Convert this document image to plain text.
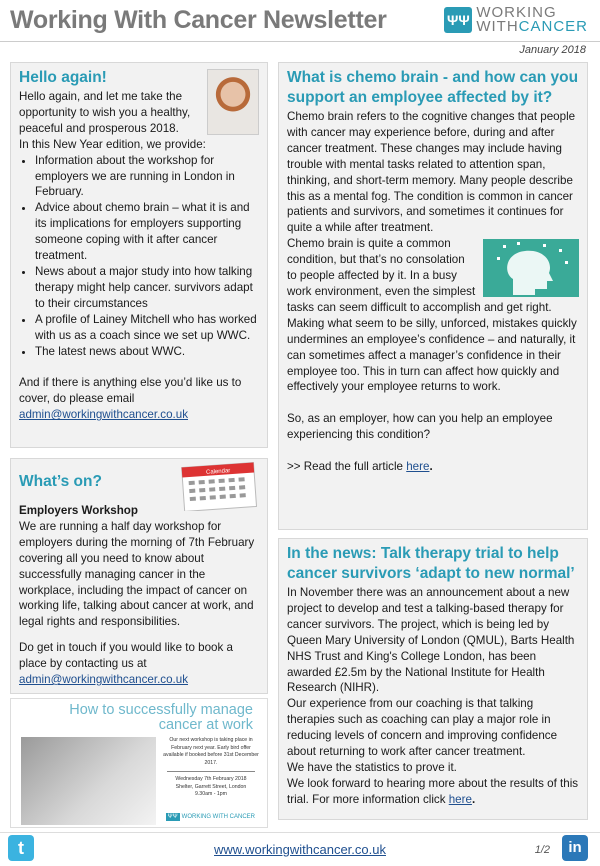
Working With Cancer Newsletter	ΨΨ WORKING
WITHCANCER
January 2018
Hello again!

Hello again, and let me take the opportunity to wish you a healthy, peaceful and prosperous 2018.

In this New Year edition, we provide:

• Information about the workshop for employers we are running in London in February.
• Advice about chemo brain – what it is and its implications for employers supporting someone coping with it after cancer treatment.
• News about a major study into how talking therapy might help cancer. survivors adapt to their circumstances
• A profile of Lainey Mitchell who has worked with us as a coach since we set up WWC.
• The latest news about WWC.

And if there is anything else you’d like us to cover, do please email

admin@workingwithcancer.co.uk
Calendar
What’s on?

Employers Workshop

We are running a half day workshop for employers during the morning of 7th February covering all you need to know about successfully managing cancer in the workplace, including the impact of cancer on working life, talking about cancer at work, and legal rights and responsibilities.

Do get in touch if you would like to book a place by contacting us at

admin@workingwithcancer.co.uk
How to successfully manage cancer at work

Our next workshop is taking place in February next year. Early bird offer available if booked before 31st December 2017.

Wednesday 7th February 2018

Shelter, Garrett Street, London

9.30am - 1pm

ΨΨ WORKING WITH CANCER
What is chemo brain - and how can you support an employee affected by it?

Chemo brain refers to the cognitive changes that people with cancer may experience before, during and after cancer treatment. These changes may include having trouble with mental tasks related to attention span, thinking, and short-term memory. Many people describe this as a mental fog. The condition is common in cancer patients and survivors, and sometimes it continues for quite a while after treatment.

Chemo brain is quite a common condition, but that’s no consolation to people affected by it. In a busy work environment, even the simplest tasks can seem difficult to accomplish and get right. Making what seem to be silly, unforced, mistakes quickly undermines an employee’s confidence – and naturally, it can sometimes affect a manager’s confidence in their employee too. This in turn can affect how quickly and effectively your employee returns to work.

So, as an employer, how can you help an employee experiencing this condition?

>> Read the full article here.

In the news: Talk therapy trial to help cancer survivors ‘adapt to new normal’

In November there was an announcement about a new project to develop and test a talking-based therapy for cancer survivors. The project, which is being led by Queen Mary University of London (QMUL), Barts Health NHS Trust and King's College London, has been awarded £2.5m by the National Institute for Health Research (NIHR).

Our experience from our coaching is that talking therapies such as coaching can play a major role in reducing levels of concern and improving confidence about returning to work after cancer treatment.

We have the statistics to prove it.

We look forward to hearing more about the results of this trial. For more information click here.

t	www.workingwithcancer.co.uk	1/2	in
